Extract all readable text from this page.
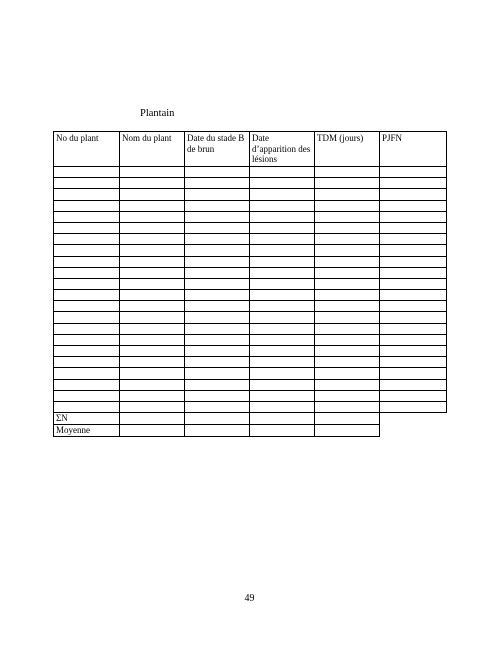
Plantain
No du plant	Nom du plant	Date du stade B de brun	Date d’apparition des lésions	TDM (jours)	PJFN

ΣN					
Moyenne					
49
